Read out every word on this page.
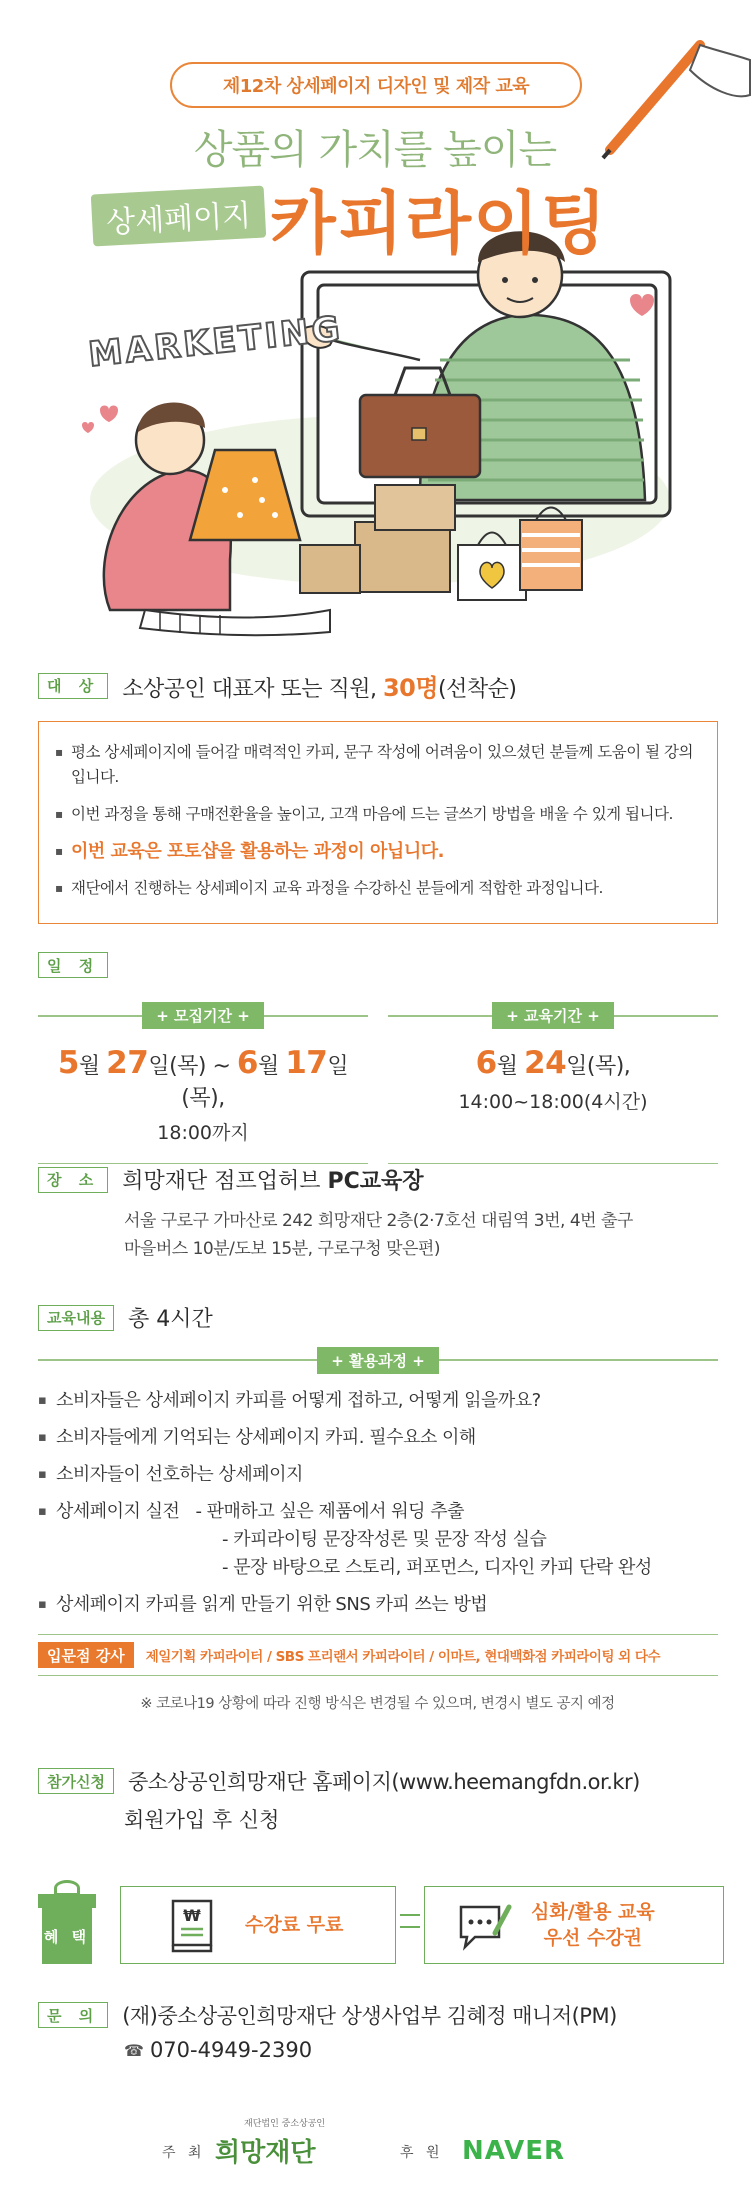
제12차 상세페이지 디자인 및 제작 교육
상품의 가치를 높이는
상세페이지 카피라이팅
MARKETING
대 상	소상공인 대표자 또는 직원, 30명(선착순)
▪ 평소 상세페이지에 들어갈 매력적인 카피, 문구 작성에 어려움이 있으셨던 분들께 도움이 될 강의입니다.
▪ 이번 과정을 통해 구매전환율을 높이고, 고객 마음에 드는 글쓰기 방법을 배울 수 있게 됩니다.
▪ 이번 교육은 포토샵을 활용하는 과정이 아닙니다.
▪ 재단에서 진행하는 상세페이지 교육 과정을 수강하신 분들에게 적합한 과정입니다.
일 정
+ 모집기간 +
5월 27일(목) ~ 6월 17일(목),
18:00까지
+ 교육기간 +
6월 24일(목),
14:00~18:00(4시간)
장 소	희망재단 점프업허브 PC교육장
서울 구로구 가마산로 242 희망재단 2층(2·7호선 대림역 3번, 4번 출구
마을버스 10분/도보 15분, 구로구청 맞은편)
교육내용	총 4시간
+ 활용과정 +
▪ 소비자들은 상세페이지 카피를 어떻게 접하고, 어떻게 읽을까요?
▪ 소비자들에게 기억되는 상세페이지 카피. 필수요소 이해
▪ 소비자들이 선호하는 상세페이지
▪ 상세페이지 실전 - 판매하고 싶은 제품에서 워딩 추출
- 카피라이팅 문장작성론 및 문장 작성 실습
- 문장 바탕으로 스토리, 퍼포먼스, 디자인 카피 단락 완성
▪ 상세페이지 카피를 읽게 만들기 위한 SNS 카피 쓰는 방법
입문점 강사	제일기획 카피라이터 / SBS 프리랜서 카피라이터 / 이마트, 현대백화점 카피라이팅 외 다수
※ 코로나19 상황에 따라 진행 방식은 변경될 수 있으며, 변경시 별도 공지 예정
참가신청	중소상공인희망재단 홈페이지(www.heemangfdn.or.kr)
회원가입 후 신청
혜 택
₩ 수강료 무료
심화/활용 교육
우선 수강권
문 의	(재)중소상공인희망재단 상생사업부 김혜정 매니저(PM)
☎ 070-4949-2390
주 최
재단법인 중소상공인
희망재단	후 원 NAVER
